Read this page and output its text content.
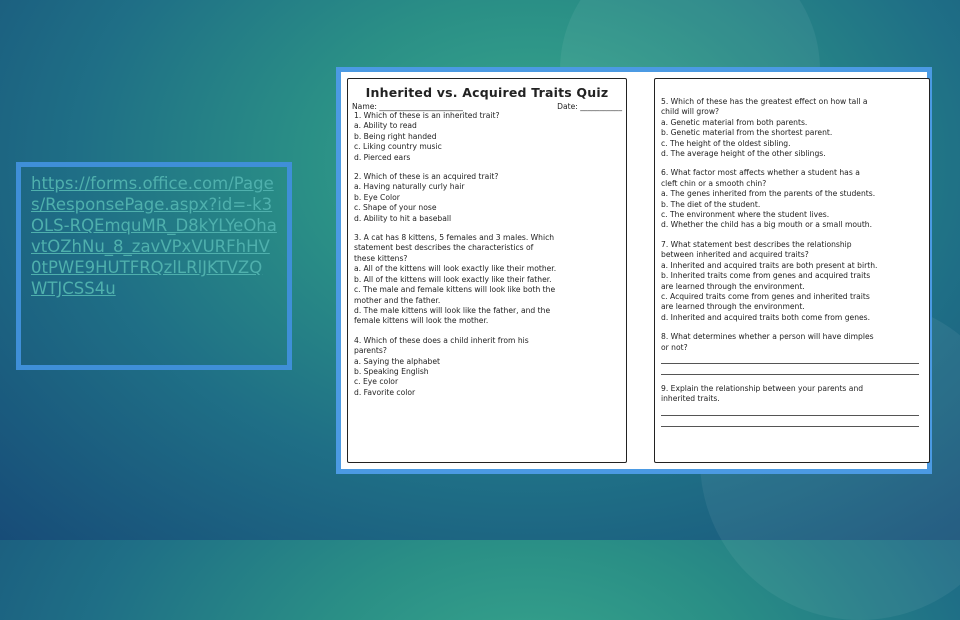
https://forms.office.com/Pages/ResponsePage.aspx?id=-k3OLS-RQEmquMR_D8kYLYeOhavtOZhNu_8_zavVPxVURFhHV0tPWE9HUTFRQzlLRlJKTVZQWTJCSS4u
Inherited vs. Acquired Traits Quiz
Name: ______________________	Date: ___________
1. Which of these is an inherited trait?
a. Ability to read
b. Being right handed
c. Liking country music
d. Pierced ears
2. Which of these is an acquired trait?
a. Having naturally curly hair
b. Eye Color
c. Shape of your nose
d. Ability to hit a baseball
3. A cat has 8 kittens, 5 females and 3 males. Which
statement best describes the characteristics of
these kittens?
a. All of the kittens will look exactly like their mother.
b. All of the kittens will look exactly like their father.
c. The male and female kittens will look like both the
mother and the father.
d. The male kittens will look like the father, and the
female kittens will look the mother.
4. Which of these does a child inherit from his
parents?
a. Saying the alphabet
b. Speaking English
c. Eye color
d. Favorite color
5. Which of these has the greatest effect on how tall a
child will grow?
a. Genetic material from both parents.
b. Genetic material from the shortest parent.
c. The height of the oldest sibling.
d. The average height of the other siblings.
6. What factor most affects whether a student has a
cleft chin or a smooth chin?
a. The genes inherited from the parents of the students.
b. The diet of the student.
c. The environment where the student lives.
d. Whether the child has a big mouth or a small mouth.
7. What statement best describes the relationship
between inherited and acquired traits?
a. Inherited and acquired traits are both present at birth.
b. Inherited traits come from genes and acquired traits
are learned through the environment.
c. Acquired traits come from genes and inherited traits
are learned through the environment.
d. Inherited and acquired traits both come from genes.
8. What determines whether a person will have dimples
or not?
9. Explain the relationship between your parents and
inherited traits.
